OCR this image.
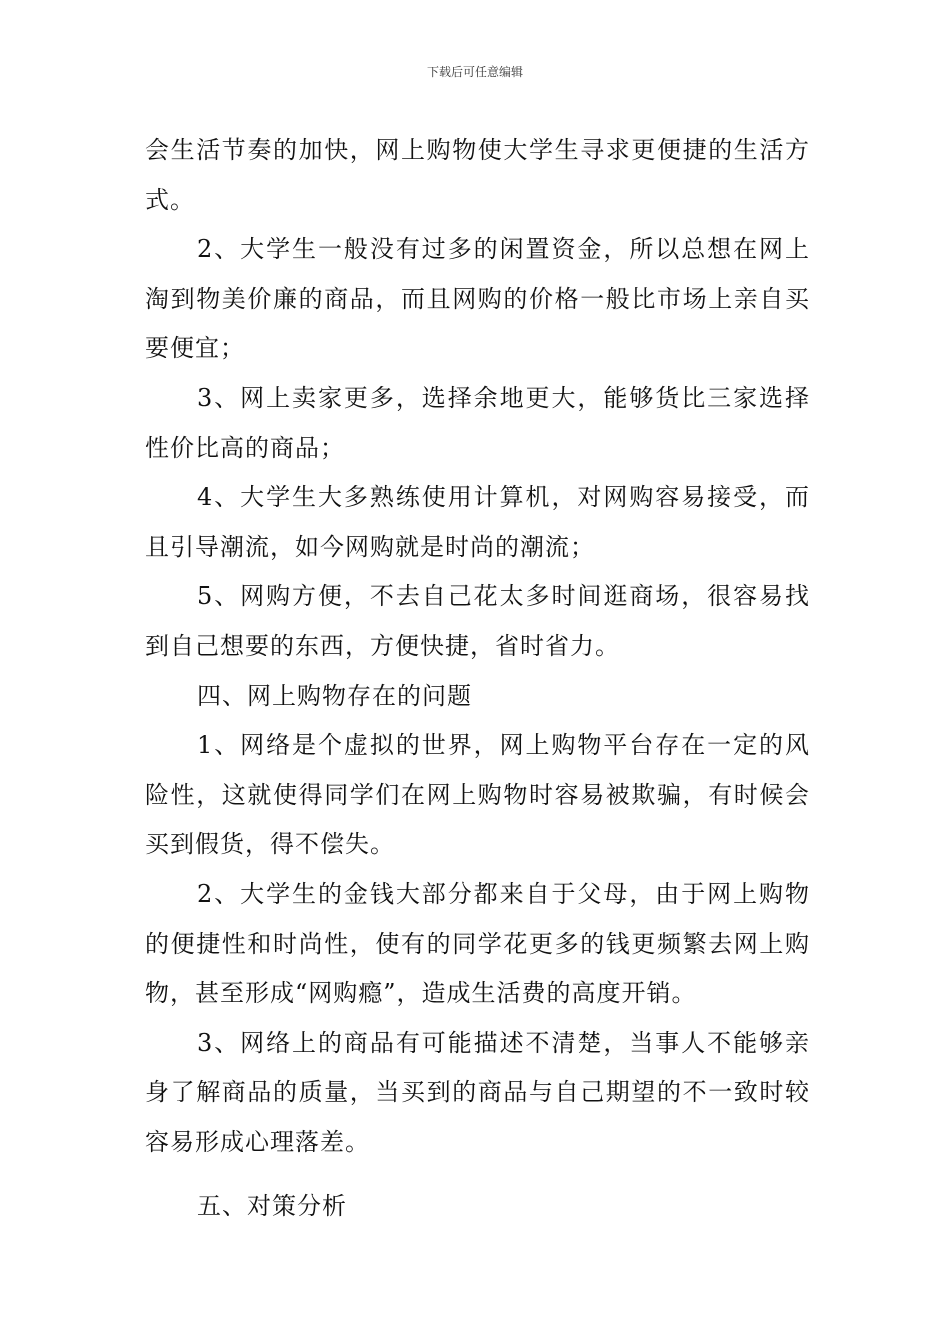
下载后可任意编辑

会生活节奏的加快，网上购物使大学生寻求更便捷的生活方式。

2、大学生一般没有过多的闲置资金，所以总想在网上淘到物美价廉的商品，而且网购的价格一般比市场上亲自买要便宜；

3、网上卖家更多，选择余地更大，能够货比三家选择性价比高的商品；

4、大学生大多熟练使用计算机，对网购容易接受，而且引导潮流，如今网购就是时尚的潮流；

5、网购方便，不去自己花太多时间逛商场，很容易找到自己想要的东西，方便快捷，省时省力。

四、网上购物存在的问题

1、网络是个虚拟的世界，网上购物平台存在一定的风险性，这就使得同学们在网上购物时容易被欺骗，有时候会买到假货，得不偿失。

2、大学生的金钱大部分都来自于父母，由于网上购物的便捷性和时尚性，使有的同学花更多的钱更频繁去网上购物，甚至形成“网购瘾”，造成生活费的高度开销。

3、网络上的商品有可能描述不清楚，当事人不能够亲身了解商品的质量，当买到的商品与自己期望的不一致时较容易形成心理落差。

五、对策分析
